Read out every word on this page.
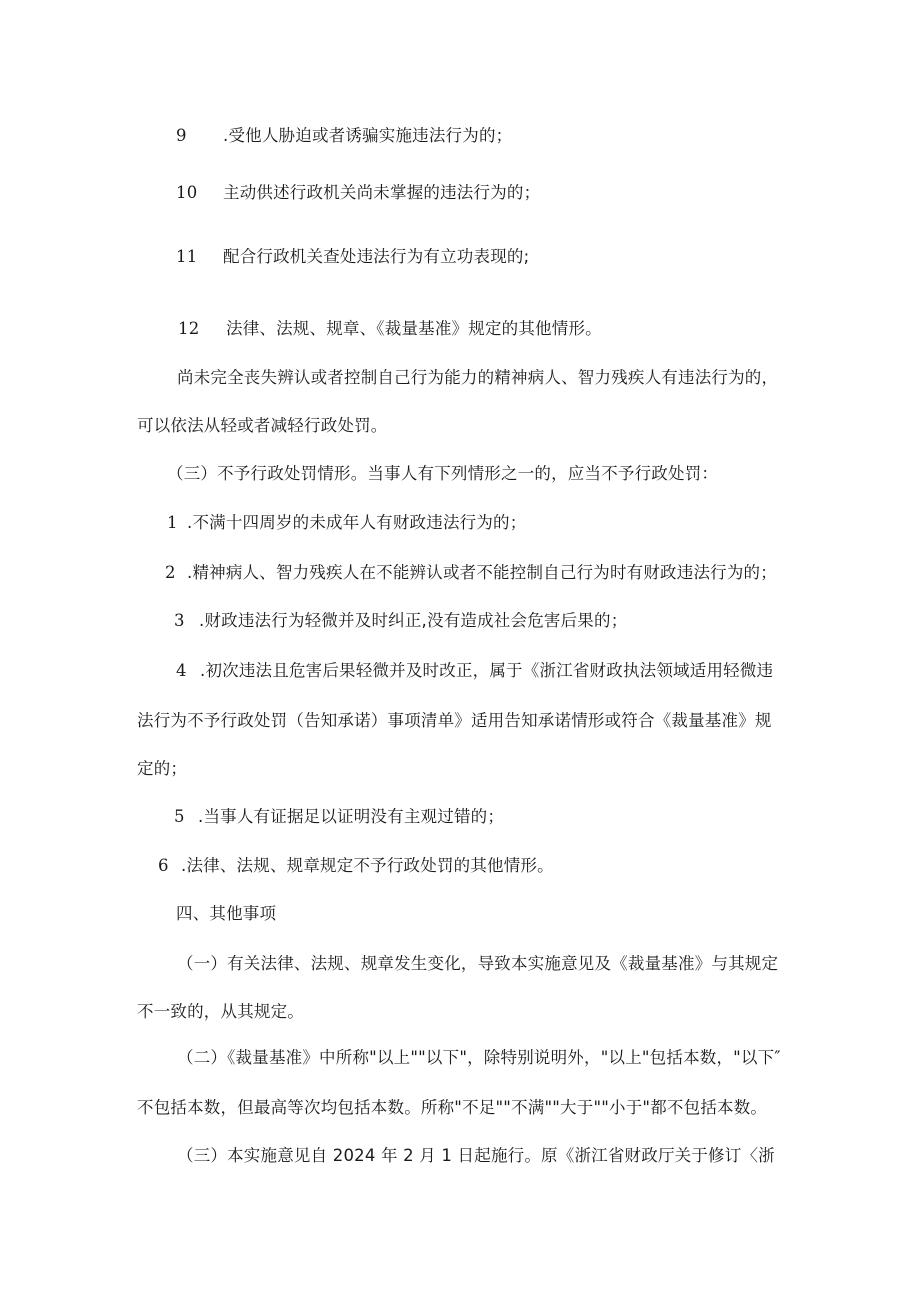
9 .受他人胁迫或者诱骗实施违法行为的；
10 主动供述行政机关尚未掌握的违法行为的；
11 配合行政机关查处违法行为有立功表现的;
12 法律、法规、规章、《裁量基准》规定的其他情形。
尚未完全丧失辨认或者控制自己行为能力的精神病人、智力残疾人有违法行为的，
可以依法从轻或者减轻行政处罚。
（三）不予行政处罚情形。当事人有下列情形之一的，应当不予行政处罚：
1 .不满十四周岁的未成年人有财政违法行为的；
2 .精神病人、智力残疾人在不能辨认或者不能控制自己行为时有财政违法行为的；
3 .财政违法行为轻微并及时纠正,没有造成社会危害后果的；
4 .初次违法且危害后果轻微并及时改正，属于《浙江省财政执法领域适用轻微违
法行为不予行政处罚（告知承诺）事项清单》适用告知承诺情形或符合《裁量基准》规
定的；
5 .当事人有证据足以证明没有主观过错的；
6 .法律、法规、规章规定不予行政处罚的其他情形。
四、其他事项
（一）有关法律、法规、规章发生变化，导致本实施意见及《裁量基准》与其规定
不一致的，从其规定。
（二）《裁量基准》中所称"以上""以下"，除特别说明外，"以上"包括本数，"以下″
不包括本数，但最高等次均包括本数。所称"不足""不满""大于""小于"都不包括本数。
（三）本实施意见自 2024 年 2 月 1 日起施行。原《浙江省财政厅关于修订〈浙
